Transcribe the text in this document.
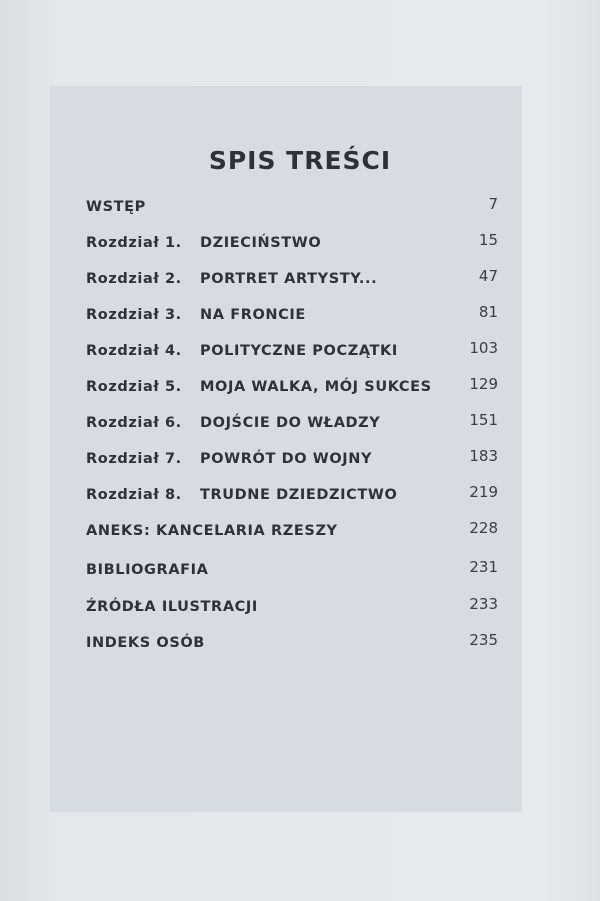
SPIS TREŚCI
WSTĘP	7
Rozdział 1. DZIECIŃSTWO	15
Rozdział 2. PORTRET ARTYSTY...	47
Rozdział 3. NA FRONCIE	81
Rozdział 4. POLITYCZNE POCZĄTKI	103
Rozdział 5. MOJA WALKA, MÓJ SUKCES	129
Rozdział 6. DOJŚCIE DO WŁADZY	151
Rozdział 7. POWRÓT DO WOJNY	183
Rozdział 8. TRUDNE DZIEDZICTWO	219
ANEKS: KANCELARIA RZESZY	228
BIBLIOGRAFIA	231
ŹRÓDŁA ILUSTRACJI	233
INDEKS OSÓB	235
